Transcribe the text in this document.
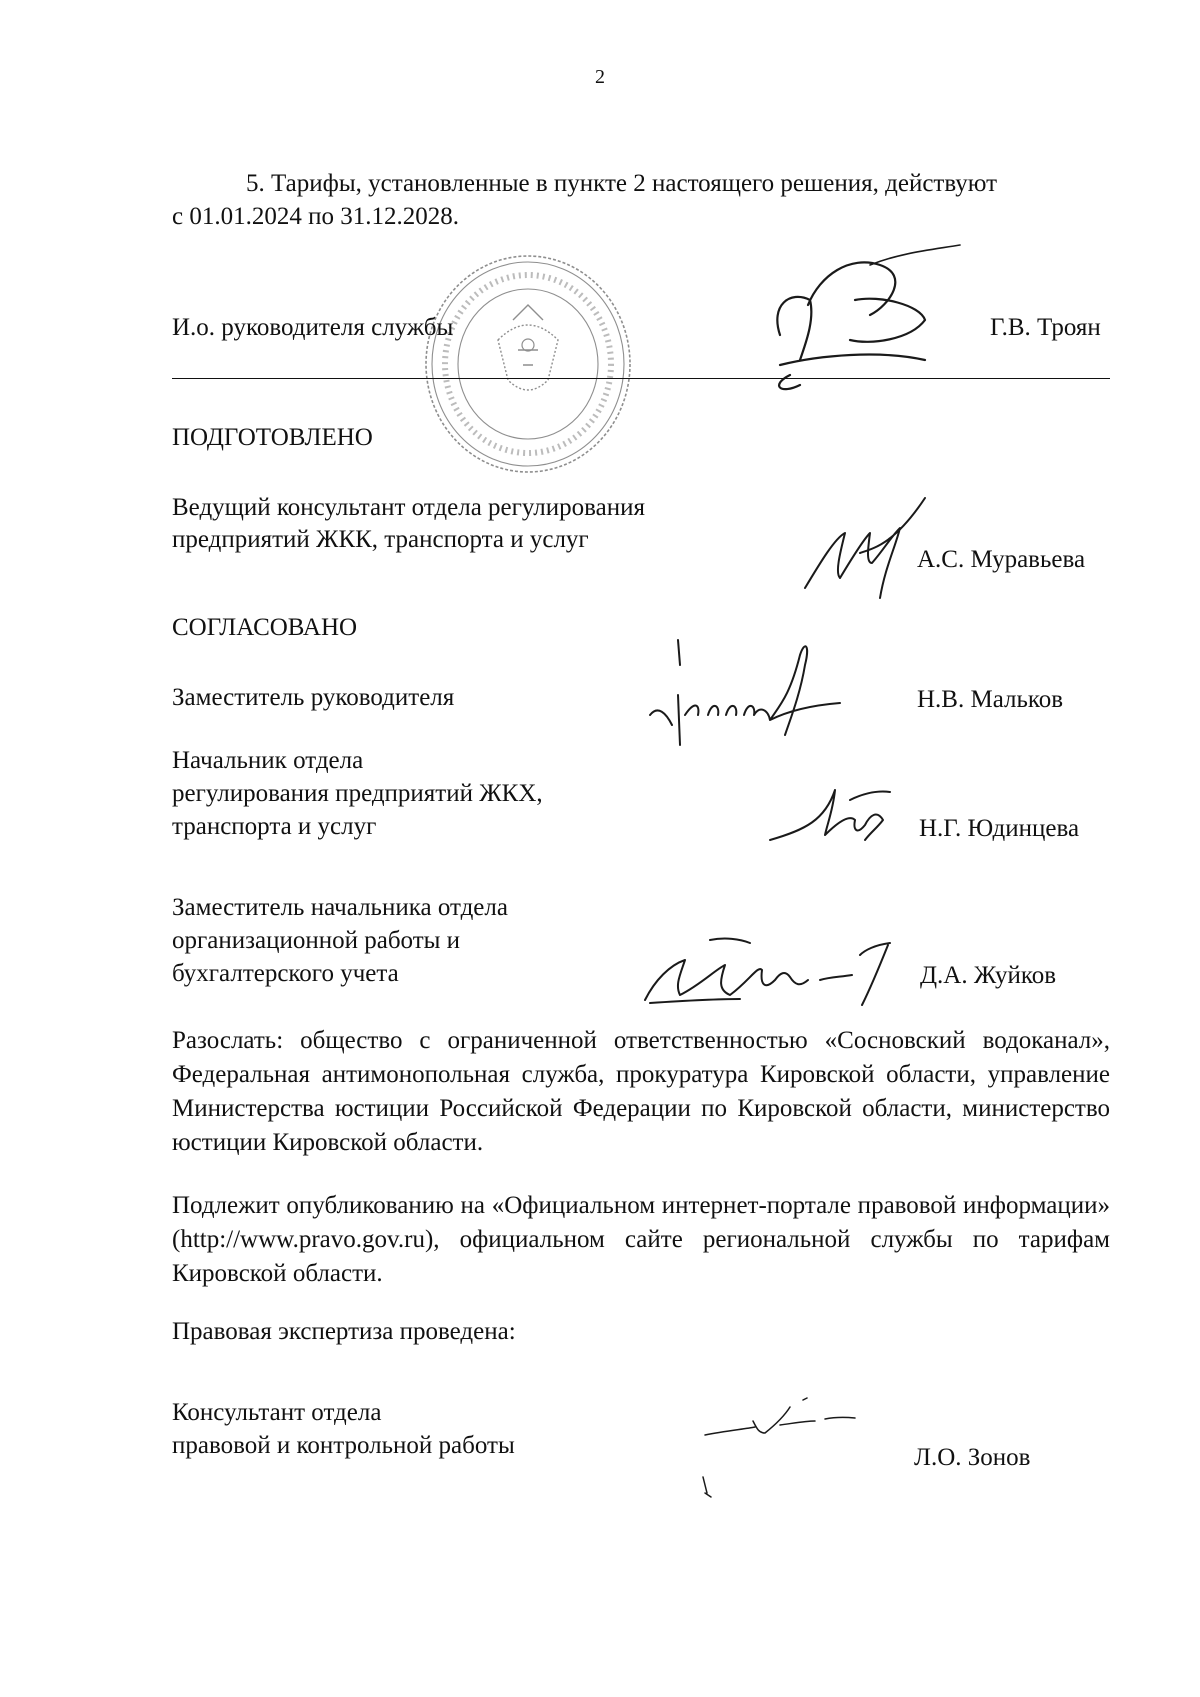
2
5. Тарифы, установленные в пункте 2 настоящего решения, действуют
с 01.01.2024 по 31.12.2028.
И.о. руководителя службы	Г.В. Троян
ПОДГОТОВЛЕНО
Ведущий консультант отдела регулирования
предприятий ЖКК, транспорта и услуг
А.С. Муравьева
СОГЛАСОВАНО
Заместитель руководителя	Н.В. Мальков
Начальник отдела
регулирования предприятий ЖКХ,
транспорта и услуг	Н.Г. Юдинцева
Заместитель начальника отдела
организационной работы и
бухгалтерского учета	Д.А. Жуйков
Разослать: общество с ограниченной ответственностью «Сосновский водоканал», Федеральная антимонопольная служба, прокуратура Кировской области, управление Министерства юстиции Российской Федерации по Кировской области, министерство юстиции Кировской области.
Подлежит опубликованию на «Официальном интернет-портале правовой информации» (http://www.pravo.gov.ru), официальном сайте региональной службы по тарифам Кировской области.
Правовая экспертиза проведена:
Консультант отдела
правовой и контрольной работы	Л.О. Зонов
